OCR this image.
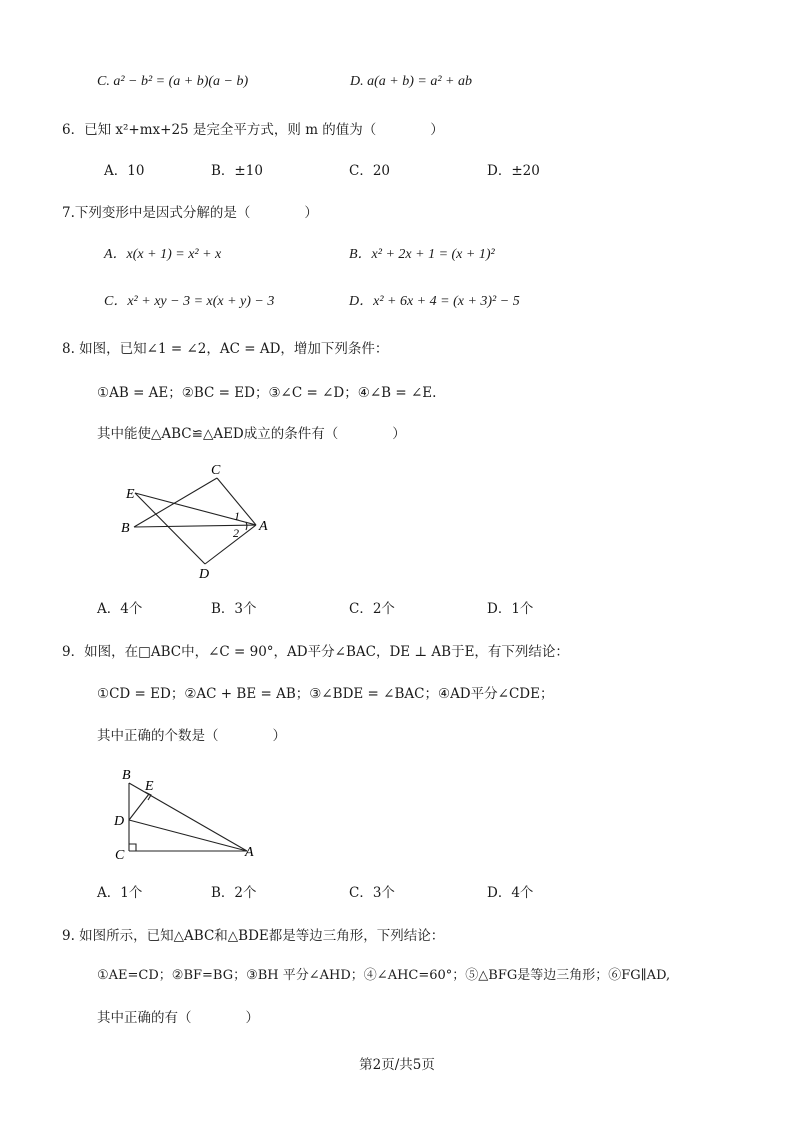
C. a² − b² = (a + b)(a − b)	D. a(a + b) = a² + ab
6．已知 x²+mx+25 是完全平方式，则 m 的值为（　　　　）
A．10	B．±10	C．20	D．±20
7.下列变形中是因式分解的是（　　　　）
A．x(x + 1) = x² + x	B．x² + 2x + 1 = (x + 1)²
C．x² + xy − 3 = x(x + y) − 3	D．x² + 6x + 4 = (x + 3)² − 5
8. 如图，已知∠1 = ∠2，AC = AD，增加下列条件：
①AB = AE；②BC = ED；③∠C = ∠D；④∠B = ∠E.
其中能使△ABC≌△AED成立的条件有（　　　　）
C
E
B	A
D
1
2
A．4个	B．3个	C．2个	D．1个
9．如图，在□ABC中，∠C = 90°，AD平分∠BAC，DE ⊥ AB于E，有下列结论：
①CD = ED；②AC + BE = AB；③∠BDE = ∠BAC；④AD平分∠CDE；
其中正确的个数是（　　　　）
B
E
D
C	A
A．1个	B．2个	C．3个	D．4个
9. 如图所示，已知△ABC和△BDE都是等边三角形，下列结论：
①AE=CD；②BF=BG；③BH 平分∠AHD；④∠AHC=60°；⑤△BFG是等边三角形；⑥FG∥AD,
其中正确的有（　　　　）
第2页/共5页
